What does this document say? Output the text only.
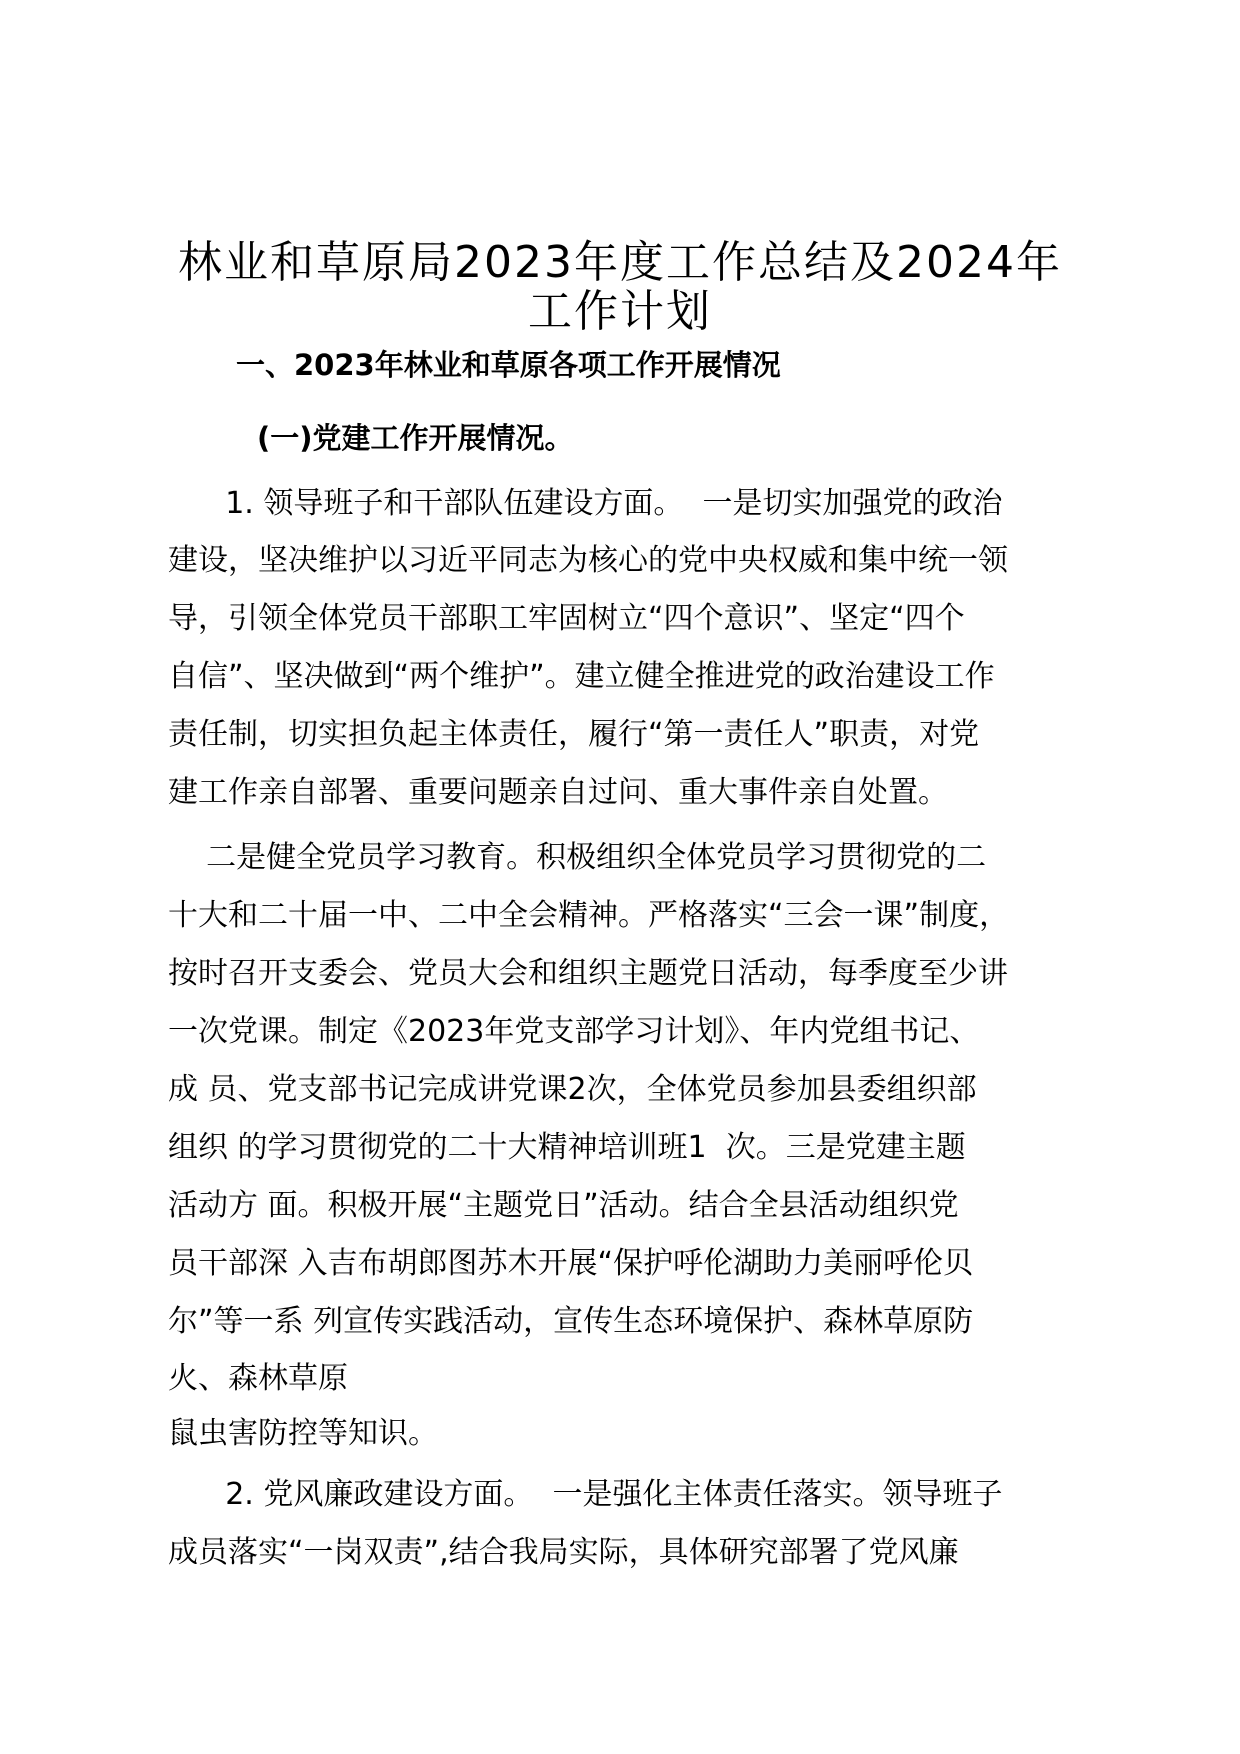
林业和草原局2023年度工作总结及2024年
工作计划
一、2023年林业和草原各项工作开展情况
(一)党建工作开展情况。
1. 领导班子和干部队伍建设方面。  一是切实加强党的政治
建设，坚决维护以习近平同志为核心的党中央权威和集中统一领
导，引领全体党员干部职工牢固树立“四个意识”、坚定“四个
自信”、坚决做到“两个维护”。建立健全推进党的政治建设工作
责任制，切实担负起主体责任，履行“第一责任人”职责，对党
建工作亲自部署、重要问题亲自过问、重大事件亲自处置。
二是健全党员学习教育。积极组织全体党员学习贯彻党的二
十大和二十届一中、二中全会精神。严格落实“三会一课”制度，
按时召开支委会、党员大会和组织主题党日活动，每季度至少讲
一次党课。制定《2023年党支部学习计划》、年内党组书记、
成 员、党支部书记完成讲党课2次，全体党员参加县委组织部
组织 的学习贯彻党的二十大精神培训班1  次。三是党建主题
活动方 面。积极开展“主题党日”活动。结合全县活动组织党
员干部深 入吉布胡郎图苏木开展“保护呼伦湖助力美丽呼伦贝
尔”等一系 列宣传实践活动，宣传生态环境保护、森林草原防
火、森林草原
鼠虫害防控等知识。
2. 党风廉政建设方面。  一是强化主体责任落实。领导班子
成员落实“一岗双责”,结合我局实际，具体研究部署了党风廉
